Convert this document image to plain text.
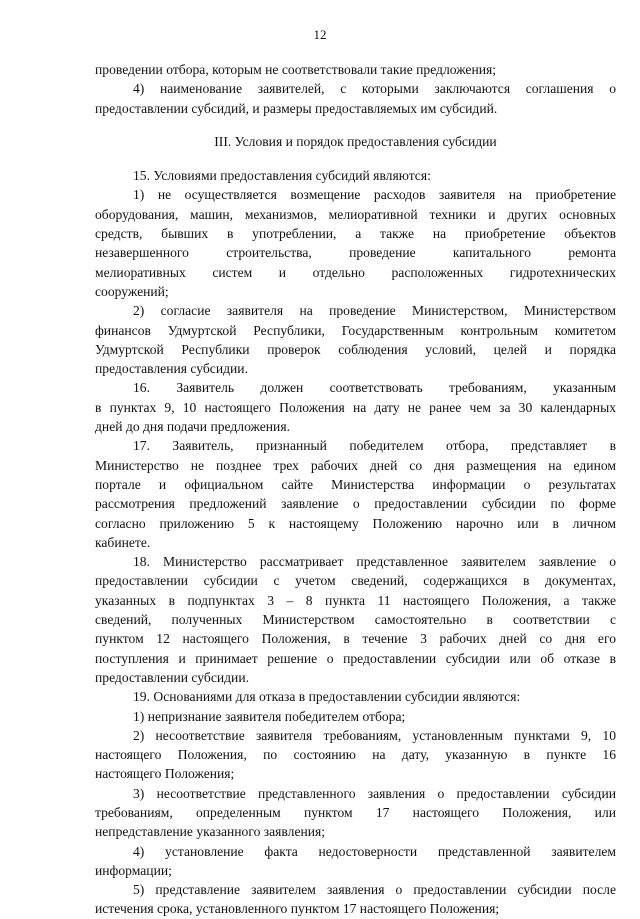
12
проведении отбора, которым не соответствовали такие предложения;
4) наименование заявителей, с которыми заключаются соглашения о
предоставлении субсидий, и размеры предоставляемых им субсидий.
III. Условия и порядок предоставления субсидии
15. Условиями предоставления субсидий являются:
1) не осуществляется возмещение расходов заявителя на приобретение
оборудования, машин, механизмов, мелиоративной техники и других основных
средств, бывших в употреблении, а также на приобретение объектов
незавершенного строительства, проведение капитального ремонта
мелиоративных систем и отдельно расположенных гидротехнических
сооружений;
2) согласие заявителя на проведение Министерством, Министерством
финансов Удмуртской Республики, Государственным контрольным комитетом
Удмуртской Республики проверок соблюдения условий, целей и порядка
предоставления субсидии.
16. Заявитель должен соответствовать требованиям, указанным
в пунктах 9, 10 настоящего Положения на дату не ранее чем за 30 календарных
дней до дня подачи предложения.
17. Заявитель, признанный победителем отбора, представляет в
Министерство не позднее трех рабочих дней со дня размещения на едином
портале и официальном сайте Министерства информации о результатах
рассмотрения предложений заявление о предоставлении субсидии по форме
согласно приложению 5 к настоящему Положению нарочно или в личном
кабинете.
18. Министерство рассматривает представленное заявителем заявление о
предоставлении субсидии с учетом сведений, содержащихся в документах,
указанных в подпунктах 3 – 8 пункта 11 настоящего Положения, а также
сведений, полученных Министерством самостоятельно в соответствии с
пунктом 12 настоящего Положения, в течение 3 рабочих дней со дня его
поступления и принимает решение о предоставлении субсидии или об отказе в
предоставлении субсидии.
19. Основаниями для отказа в предоставлении субсидии являются:
1) непризнание заявителя победителем отбора;
2) несоответствие заявителя требованиям, установленным пунктами 9, 10
настоящего Положения, по состоянию на дату, указанную в пункте 16
настоящего Положения;
3) несоответствие представленного заявления о предоставлении субсидии
требованиям, определенным пунктом 17 настоящего Положения, или
непредставление указанного заявления;
4) установление факта недостоверности представленной заявителем
информации;
5) представление заявителем заявления о предоставлении субсидии после
истечения срока, установленного пунктом 17 настоящего Положения;
